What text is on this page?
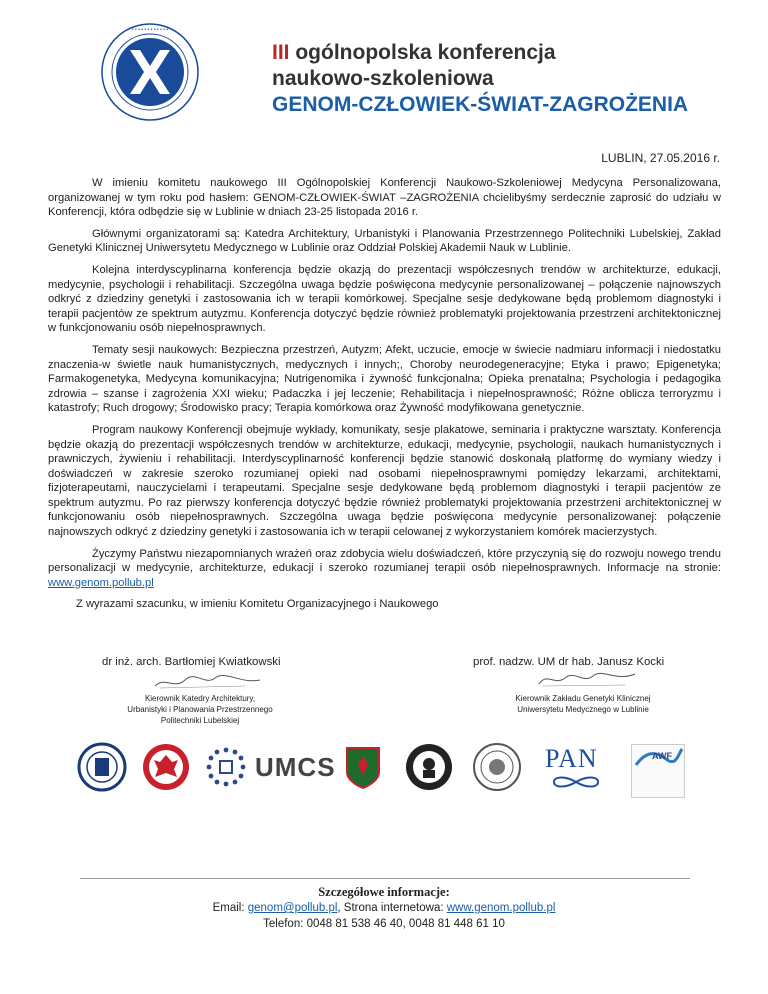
• • • • • • • • • • • •
III ogólnopolska konferencja
naukowo-szkoleniowa
GENOM-CZŁOWIEK-ŚWIAT-ZAGROŻENIA
LUBLIN, 27.05.2016 r.

W imieniu komitetu naukowego III Ogólnopolskiej Konferencji Naukowo-Szkoleniowej Medycyna Personalizowana, organizowanej w tym roku pod hasłem: GENOM-CZŁOWIEK-ŚWIAT –ZAGROŻENIA chcielibyśmy serdecznie zaprosić do udziału w Konferencji, która odbędzie się w Lublinie w dniach 23-25 listopada 2016 r.

Głównymi organizatorami są: Katedra Architektury, Urbanistyki i Planowania Przestrzennego Politechniki Lubelskiej, Zakład Genetyki Klinicznej Uniwersytetu Medycznego w Lublinie oraz Oddział Polskiej Akademii Nauk w Lublinie.

Kolejna interdyscyplinarna konferencja będzie okazją do prezentacji współczesnych trendów w architekturze, edukacji, medycynie, psychologii i rehabilitacji. Szczególna uwaga będzie poświęcona medycynie personalizowanej – połączenie najnowszych odkryć z dziedziny genetyki i zastosowania ich w terapii komórkowej. Specjalne sesje dedykowane będą problemom diagnostyki i terapii pacjentów ze spektrum autyzmu. Konferencja dotyczyć będzie również problematyki projektowania przestrzeni architektonicznej w funkcjonowaniu osób niepełnosprawnych.

Tematy sesji naukowych: Bezpieczna przestrzeń, Autyzm; Afekt, uczucie, emocje w świecie nadmiaru informacji i niedostatku znaczenia-w świetle nauk humanistycznych, medycznych i innych;, Choroby neurodegeneracyjne; Etyka i prawo; Epigenetyka; Farmakogenetyka, Medycyna komunikacyjna; Nutrigenomika i żywność funkcjonalna; Opieka prenatalna; Psychologia i pedagogika zdrowia – szanse i zagrożenia XXI wieku; Padaczka i jej leczenie; Rehabilitacja i niepełnosprawność; Różne oblicza terroryzmu i katastrofy; Ruch drogowy; Środowisko pracy; Terapia komórkowa oraz Żywność modyfikowana genetycznie.

Program naukowy Konferencji obejmuje wykłady, komunikaty, sesje plakatowe, seminaria i praktyczne warsztaty. Konferencja będzie okazją do prezentacji współczesnych trendów w architekturze, edukacji, medycynie, psychologii, naukach humanistycznych i prawniczych, żywieniu i rehabilitacji. Interdyscyplinarność konferencji będzie stanowić doskonałą platformę do wymiany wiedzy i doświadczeń w zakresie szeroko rozumianej opieki nad osobami niepełnosprawnymi pomiędzy lekarzami, architektami, fizjoterapeutami, nauczycielami i terapeutami. Specjalne sesje dedykowane będą problemom diagnostyki i terapii pacjentów ze spektrum autyzmu. Po raz pierwszy konferencja dotyczyć będzie również problematyki projektowania przestrzeni architektonicznej w funkcjonowaniu osób niepełnosprawnych. Szczególna uwaga będzie poświęcona medycynie personalizowanej: połączenie najnowszych odkryć z dziedziny genetyki i zastosowania ich w terapii celowanej z wykorzystaniem komórek macierzystych.

Życzymy Państwu niezapomnianych wrażeń oraz zdobycia wielu doświadczeń, które przyczynią się do rozwoju nowego trendu personalizacji w medycynie, architekturze, edukacji i szeroko rozumianej terapii osób niepełnosprawnych. Informacje na stronie: www.genom.pollub.pl

Z wyrazami szacunku, w imieniu Komitetu Organizacyjnego i Naukowego

dr inż. arch. Bartłomiej Kwiatkowski	prof. nadzw. UM dr hab. Janusz Kocki
Kierownik Katedry Architektury,
Urbanistyki i Planowania Przestrzennego
Politechniki Lubelskiej
Kierownik Zakładu Genetyki Klinicznej
Uniwersytetu Medycznego w Lublinie
UMCS	PAN	AWF
Szczegółowe informacje:
Email: genom@pollub.pl, Strona internetowa: www.genom.pollub.pl
Telefon: 0048 81 538 46 40, 0048 81 448 61 10
